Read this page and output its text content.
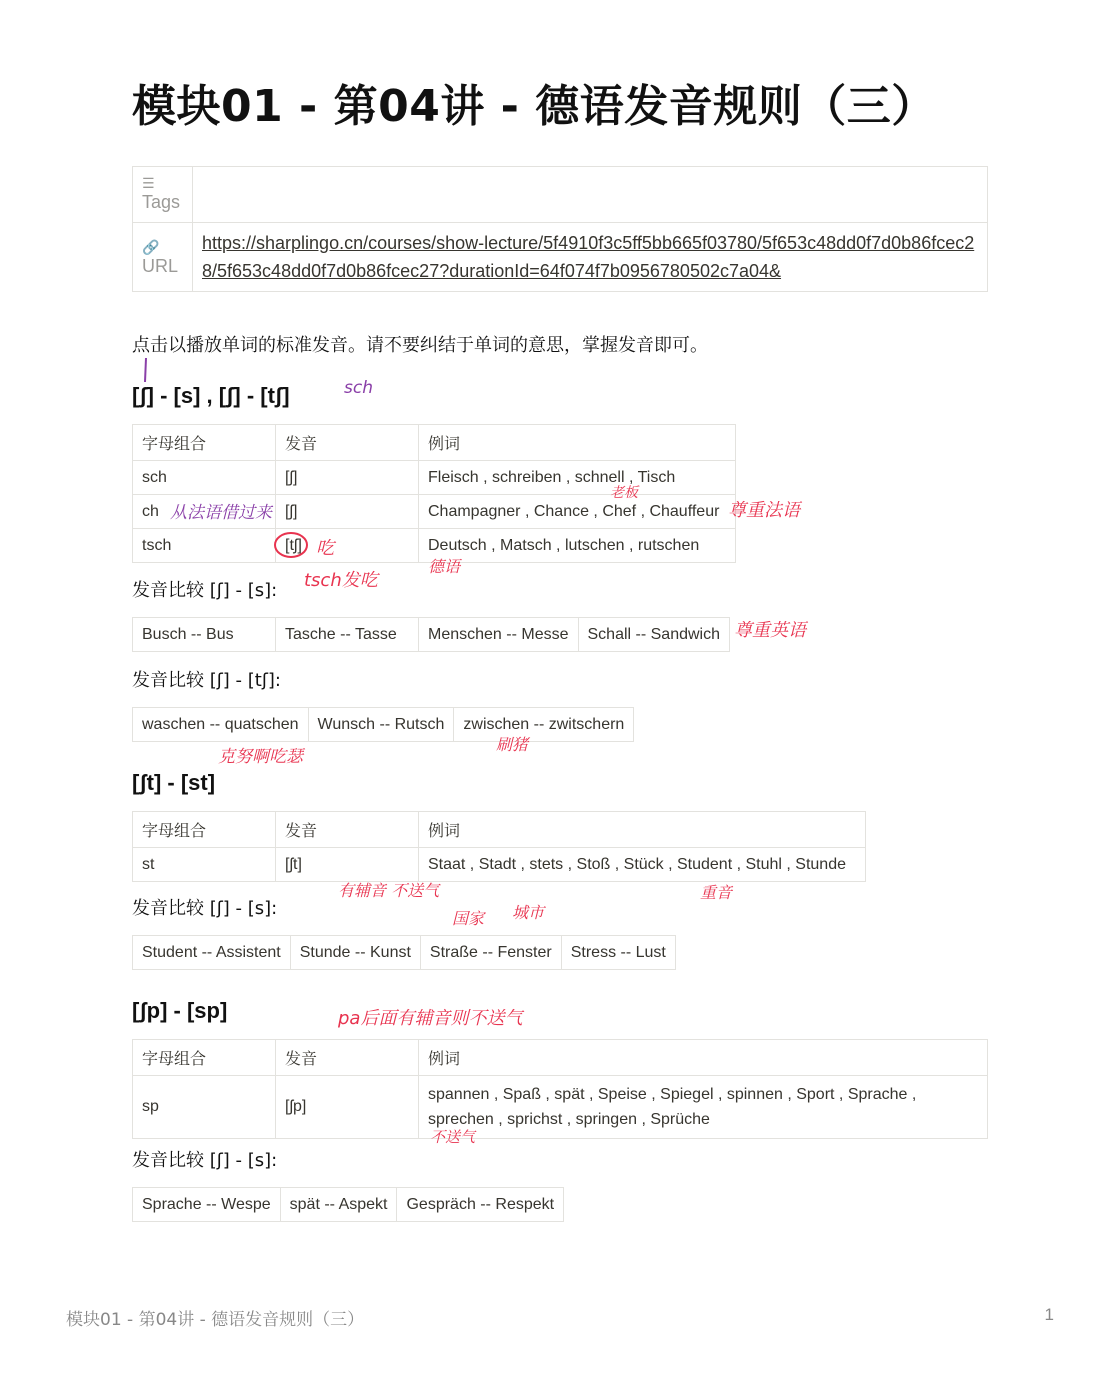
模块01 - 第04讲 - 德语发音规则（三）
☰
Tags	

🔗
URL	https://sharplingo.cn/courses/show-lecture/5f4910f3c5ff5bb665f03780/5f653c48dd0f7d0b86fcec28/5f653c48dd0f7d0b86fcec27?durationId=64f074f7b0956780502c7a04&

点击以播放单词的标准发音。请不要纠结于单词的意思，掌握发音即可。

[ʃ] - [s] , [ʃ] - [tʃ]
字母组合	发音	例词
sch	[ʃ]	Fleisch , schreiben , schnell , Tisch
ch	[ʃ]	Champagner , Chance , Chef , Chauffeur
tsch	[tʃ]	Deutsch , Matsch , lutschen , rutschen

发音比较 [ʃ] - [s]:

Busch -- Bus	Tasche -- Tasse	Menschen -- Messe	Schall -- Sandwich

发音比较 [ʃ] - [tʃ]:

waschen -- quatschen	Wunsch -- Rutsch	zwischen -- zwitschern
[ʃt] - [st]
字母组合	发音	例词
st	[ʃt]	Staat , Stadt , stets , Stoß , Stück , Student , Stuhl , Stunde

发音比较 [ʃ] - [s]:

Student -- Assistent	Stunde -- Kunst	Straße -- Fenster	Stress -- Lust
[ʃp] - [sp]
字母组合	发音	例词
sp	[ʃp]	spannen , Spaß , spät , Speise , Spiegel , spinnen , Sport , Sprache , sprechen , sprichst , springen , Sprüche

发音比较 [ʃ] - [s]:

Sprache -- Wespe	spät -- Aspekt	Gespräch -- Respekt
sch
从法语借过来
吃
tsch发吃
德语
老板
尊重法语
尊重英语
克努啊吃瑟
刷猪
有辅音 不送气
国家 城市
重音
pa后面有辅音则不送气
不送气
模块01 - 第04讲 - 德语发音规则（三）	1
